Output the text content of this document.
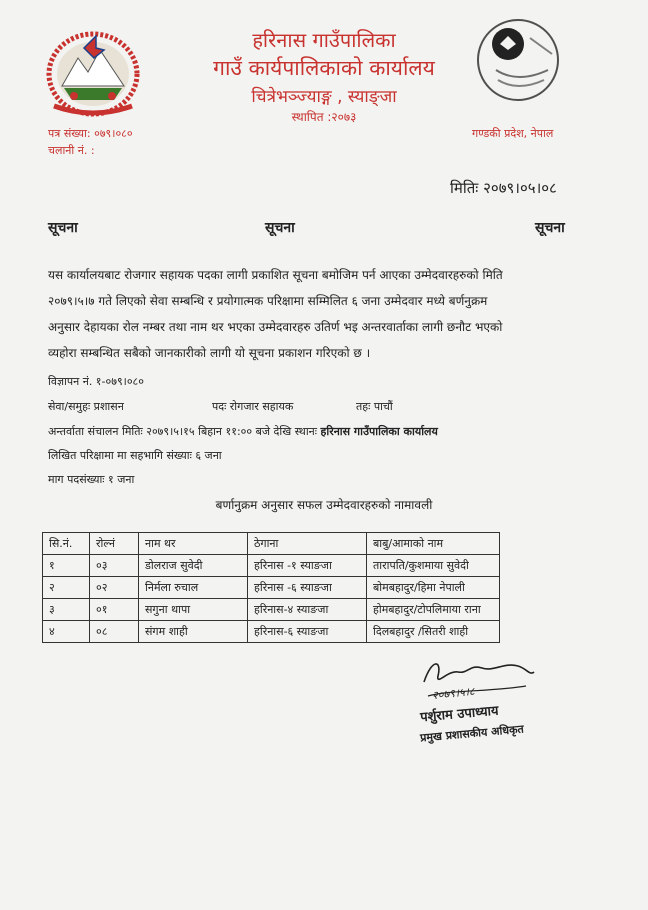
हरिनास गाउँपालिका
गाउँ कार्यपालिकाको कार्यालय
चित्रेभञ्ज्याङ्ग , स्याङ्जा
स्थापित :२०७३
पत्र संख्या: ०७९।०८०
चलानी नं. :
गण्डकी प्रदेश, नेपाल
मितिः २०७९।०५।०८
सूचना	सूचना	सूचना
यस कार्यालयबाट रोजगार सहायक पदका लागी प्रकाशित सूचना बमोजिम पर्न आएका उम्मेदवारहरुको मिति
२०७९।५।७ गते लिएको सेवा सम्बन्धि र प्रयोगात्मक परिक्षामा सम्मिलित ६ जना उम्मेदवार मध्ये बर्णनुक्रम
अनुसार देहायका रोल नम्बर तथा नाम थर भएका उम्मेदवारहरु उतिर्ण भइ अन्तरवार्ताका लागी छनौट भएको
व्यहोरा सम्बन्धित सबैको जानकारीको लागी यो सूचना प्रकाशन गरिएको छ ।
विज्ञापन नं. १-०७९।०८०
सेवा/समुहः प्रशासन	पदः रोगजार सहायक	तहः पाचौं
अन्तर्वाता संचालन मितिः २०७९।५।१५ बिहान ११:०० बजे देखि स्थानः हरिनास गाउँपालिका कार्यालय
लिखित परिक्षामा मा सहभागि संख्याः ६ जना
माग पदसंख्याः १ जना
बर्णानुक्रम अनुसार सफल उम्मेदवारहरुको नामावली
सि.नं.	रोल्नं	नाम थर	ठेगाना	बाबु/आमाको नाम
१	०३	डोलराज सुवेदी	हरिनास -१ स्याङजा	तारापति/कुशमाया सुवेदी
२	०२	निर्मला रुचाल	हरिनास -६ स्याङजा	बोमबहादुर/हिमा नेपाली
३	०१	सगुना थापा	हरिनास-४ स्याङजा	होमबहादुर/टोपलिमाया राना
४	०८	संगम शाही	हरिनास-६ स्याङजा	दिलबहादुर /सितरी शाही
२०७९।५।८
पर्शुराम उपाध्याय
प्रमुख प्रशासकीय अधिकृत
